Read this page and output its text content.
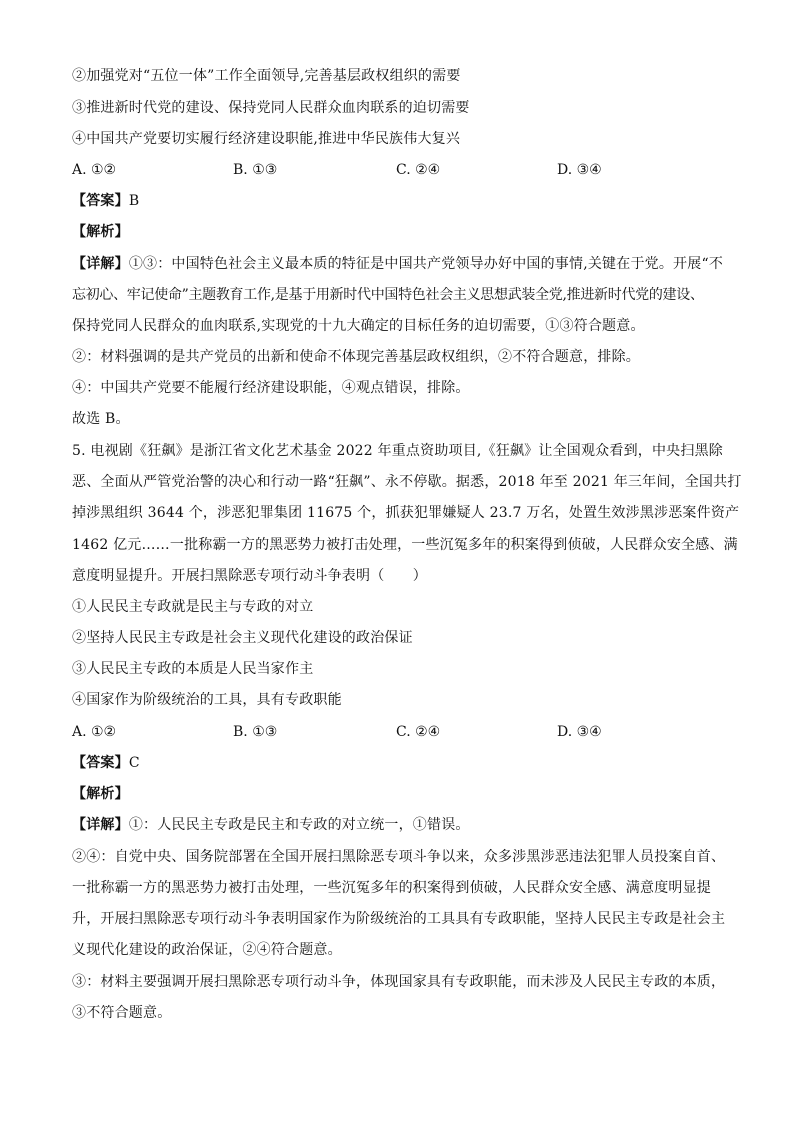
②加强党对“五位一体”工作全面领导,完善基层政权组织的需要
③推进新时代党的建设、保持党同人民群众血肉联系的迫切需要
④中国共产党要切实履行经济建设职能,推进中华民族伟大复兴
A. ①②	B. ①③	C. ②④	D. ③④
【答案】B
【解析】
【详解】①③：中国特色社会主义最本质的特征是中国共产党领导办好中国的事情,关键在于党。开展“不
忘初心、牢记使命”主题教育工作,是基于用新时代中国特色社会主义思想武装全党,推进新时代党的建设、
保持党同人民群众的血肉联系,实现党的十九大确定的目标任务的迫切需要，①③符合题意。
②：材料强调的是共产党员的出新和使命不体现完善基层政权组织，②不符合题意，排除。
④：中国共产党要不能履行经济建设职能，④观点错误，排除。
故选 B。
5. 电视剧《狂飙》是浙江省文化艺术基金 2022 年重点资助项目,《狂飙》让全国观众看到，中央扫黑除
恶、全面从严管党治警的决心和行动一路“狂飙”、永不停歇。据悉，2018 年至 2021 年三年间，全国共打
掉涉黑组织 3644 个，涉恶犯罪集团 11675 个，抓获犯罪嫌疑人 23.7 万名，处置生效涉黑涉恶案件资产
1462 亿元……一批称霸一方的黑恶势力被打击处理，一些沉冤多年的积案得到侦破，人民群众安全感、满
意度明显提升。开展扫黑除恶专项行动斗争表明（　　）
①人民民主专政就是民主与专政的对立
②坚持人民民主专政是社会主义现代化建设的政治保证
③人民民主专政的本质是人民当家作主
④国家作为阶级统治的工具，具有专政职能
A. ①②	B. ①③	C. ②④	D. ③④
【答案】C
【解析】
【详解】①：人民民主专政是民主和专政的对立统一，①错误。
②④：自党中央、国务院部署在全国开展扫黑除恶专项斗争以来，众多涉黑涉恶违法犯罪人员投案自首、
一批称霸一方的黑恶势力被打击处理，一些沉冤多年的积案得到侦破，人民群众安全感、满意度明显提
升，开展扫黑除恶专项行动斗争表明国家作为阶级统治的工具具有专政职能，坚持人民民主专政是社会主
义现代化建设的政治保证，②④符合题意。
③：材料主要强调开展扫黑除恶专项行动斗争，体现国家具有专政职能，而未涉及人民民主专政的本质，
③不符合题意。
